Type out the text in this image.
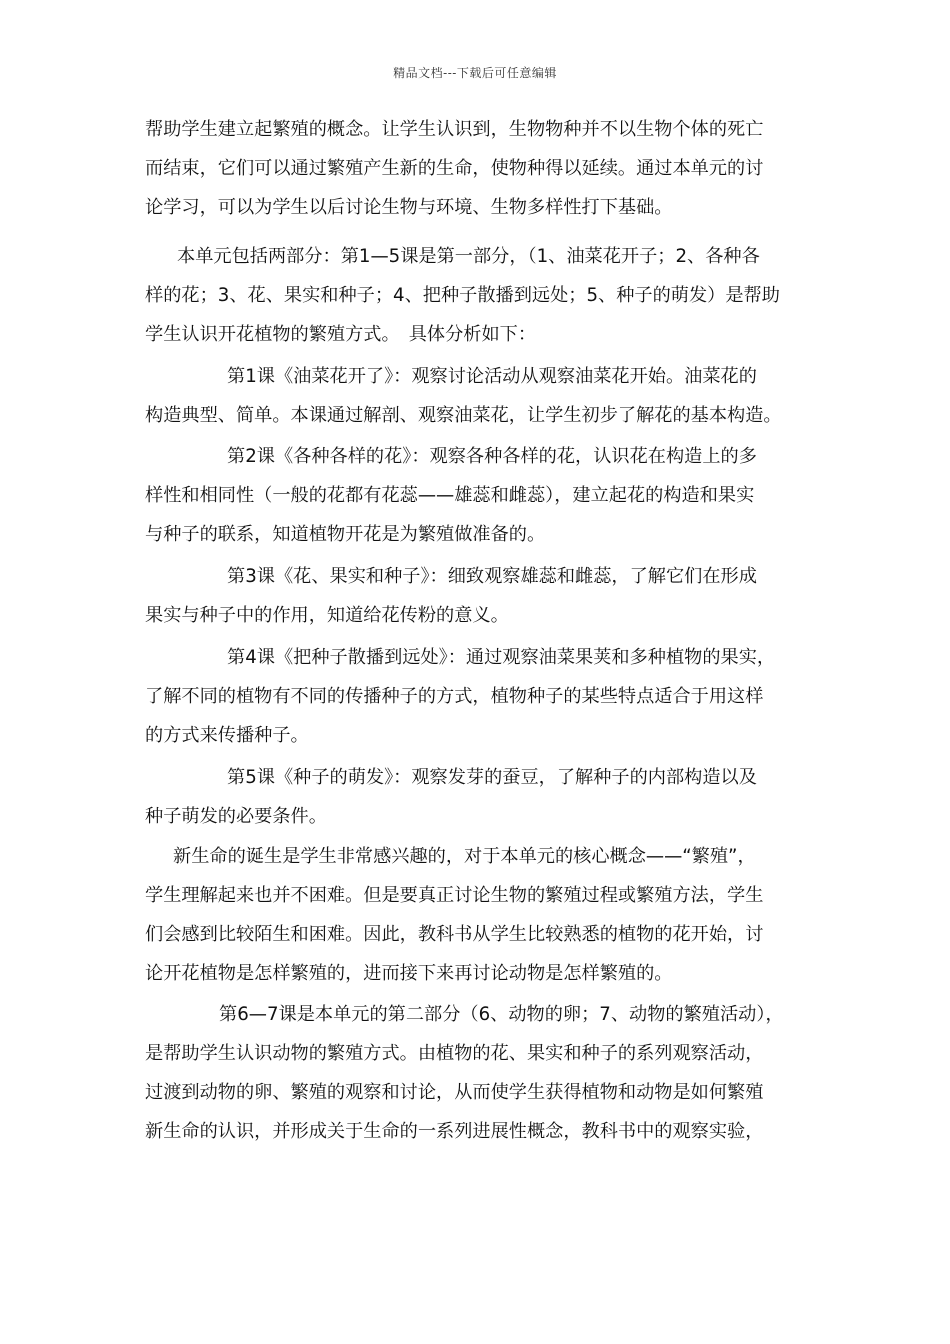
精品文档---下载后可任意编辑
帮助学生建立起繁殖的概念。让学生认识到，生物物种并不以生物个体的死亡
而结束，它们可以通过繁殖产生新的生命，使物种得以延续。通过本单元的讨
论学习，可以为学生以后讨论生物与环境、生物多样性打下基础。
本单元包括两部分：第1—5课是第一部分，（1、油菜花开子；2、各种各
样的花；3、花、果实和种子；4、把种子散播到远处；5、种子的萌发）是帮助
学生认识开花植物的繁殖方式。　具体分析如下：
第1课《油菜花开了》：观察讨论活动从观察油菜花开始。油菜花的
构造典型、简单。本课通过解剖、观察油菜花，让学生初步了解花的基本构造。
第2课《各种各样的花》：观察各种各样的花，认识花在构造上的多
样性和相同性（一般的花都有花蕊——雄蕊和雌蕊），建立起花的构造和果实
与种子的联系，知道植物开花是为繁殖做准备的。
第3课《花、果实和种子》：细致观察雄蕊和雌蕊，了解它们在形成
果实与种子中的作用，知道给花传粉的意义。
第4课《把种子散播到远处》：通过观察油菜果荚和多种植物的果实，
了解不同的植物有不同的传播种子的方式，植物种子的某些特点适合于用这样
的方式来传播种子。
第5课《种子的萌发》：观察发芽的蚕豆，了解种子的内部构造以及
种子萌发的必要条件。
新生命的诞生是学生非常感兴趣的，对于本单元的核心概念——“繁殖”，
学生理解起来也并不困难。但是要真正讨论生物的繁殖过程或繁殖方法，学生
们会感到比较陌生和困难。因此，教科书从学生比较熟悉的植物的花开始，讨
论开花植物是怎样繁殖的，进而接下来再讨论动物是怎样繁殖的。
第6—7课是本单元的第二部分（6、动物的卵；7、动物的繁殖活动），
是帮助学生认识动物的繁殖方式。由植物的花、果实和种子的系列观察活动，
过渡到动物的卵、繁殖的观察和讨论，从而使学生获得植物和动物是如何繁殖
新生命的认识，并形成关于生命的一系列进展性概念，教科书中的观察实验，
